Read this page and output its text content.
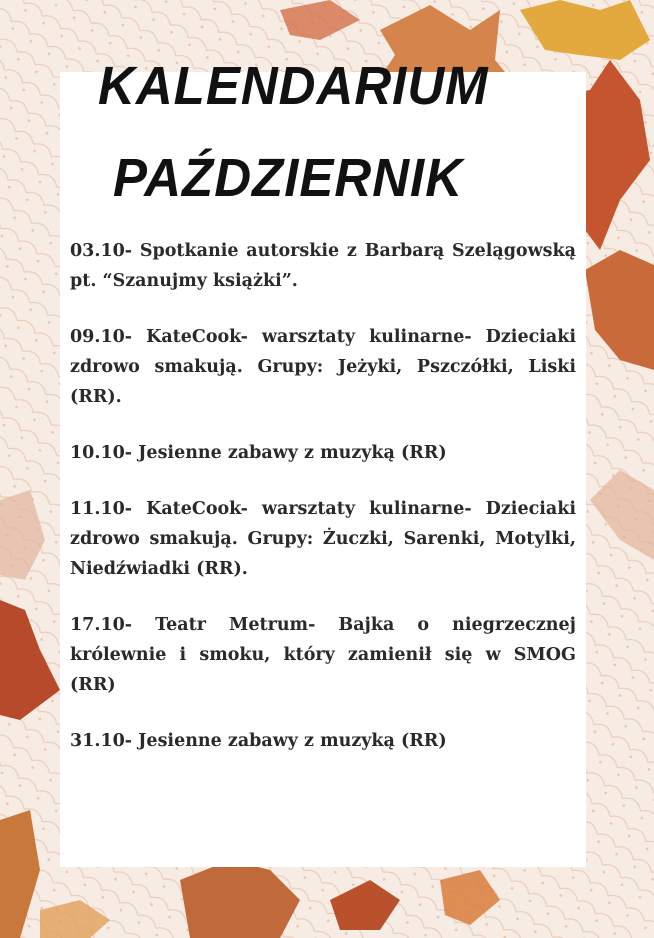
KALENDARIUM
PAŹDZIERNIK

03.10- Spotkanie autorskie z Barbarą Szelągowską pt. “Szanujmy książki”.

09.10- KateCook- warsztaty kulinarne- Dzieciaki zdrowo smakują. Grupy: Jeżyki, Pszczółki, Liski (RR).

10.10- Jesienne zabawy z muzyką (RR)

11.10- KateCook- warsztaty kulinarne- Dzieciaki zdrowo smakują. Grupy: Żuczki, Sarenki, Motylki, Niedźwiadki (RR).

17.10- Teatr Metrum- Bajka o niegrzecznej królewnie i smoku, który zamienił się w SMOG (RR)

31.10- Jesienne zabawy z muzyką (RR)
